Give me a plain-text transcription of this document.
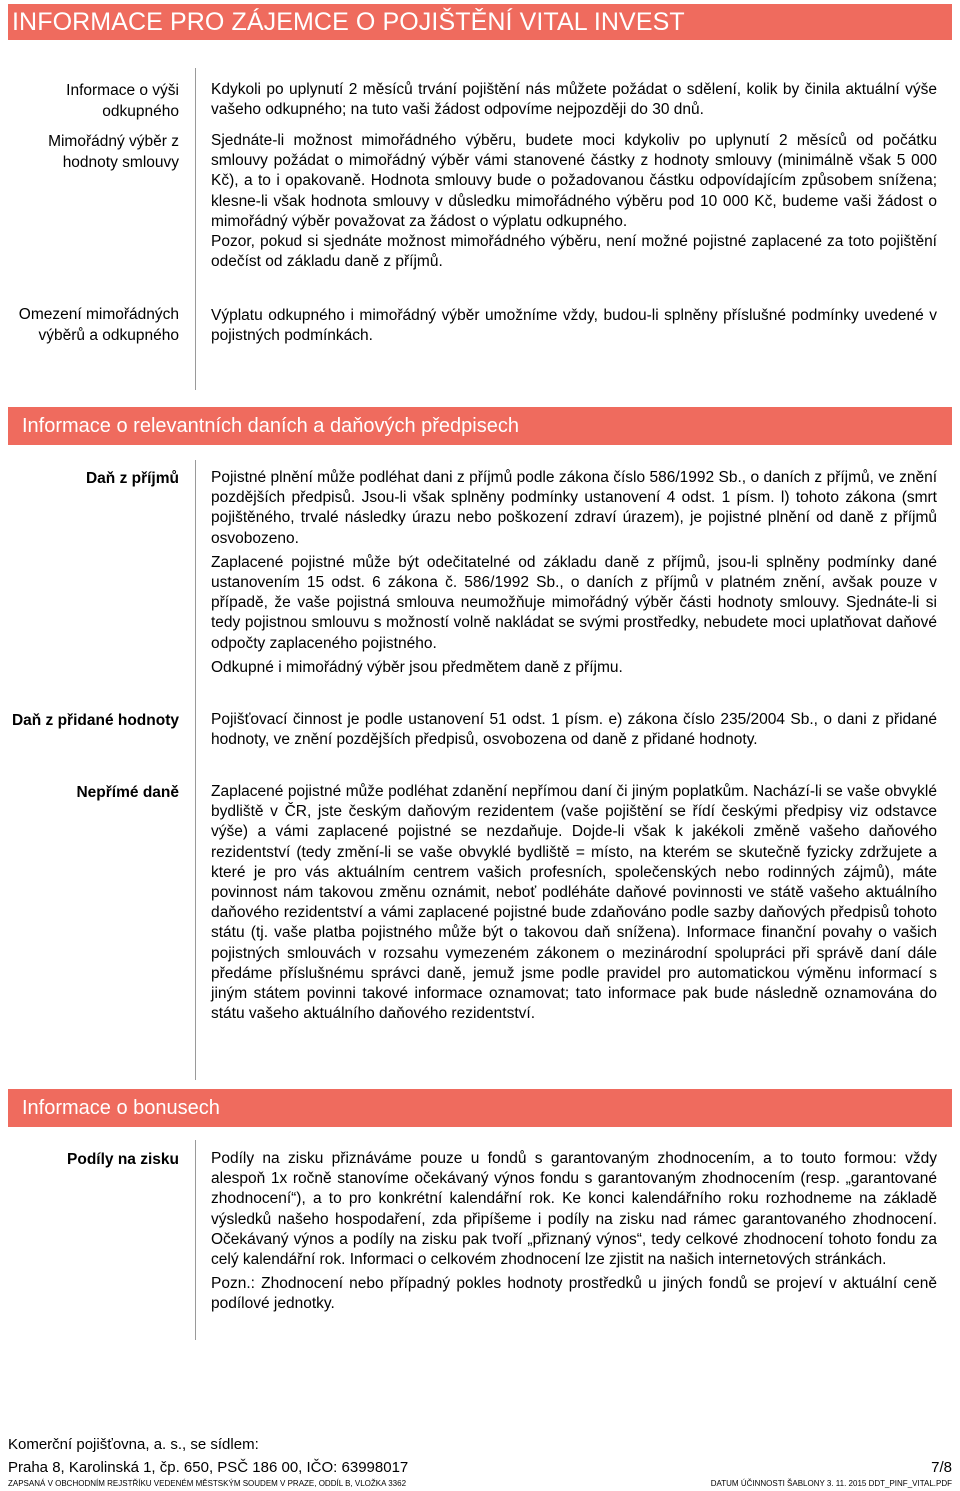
INFORMACE PRO ZÁJEMCE O POJIŠTĚNÍ VITAL INVEST
Informace o výši odkupného

Kdykoli po uplynutí 2 měsíců trvání pojištění nás můžete požádat o sdělení, kolik by činila aktuální výše vašeho odkupného; na tuto vaši žádost odpovíme nejpozději do 30 dnů.

Mimořádný výběr z hodnoty smlouvy

Sjednáte-li možnost mimořádného výběru, budete moci kdykoliv po uplynutí 2 měsíců od počátku smlouvy požádat o mimořádný výběr vámi stanovené částky z hodnoty smlouvy (minimálně však 5 000 Kč), a to i opakovaně. Hodnota smlouvy bude o požadovanou částku odpovídajícím způsobem snížena; klesne-li však hodnota smlouvy v důsledku mimořádného výběru pod 10 000 Kč, budeme vaši žádost o mimořádný výběr považovat za žádost o výplatu odkupného.

Pozor, pokud si sjednáte možnost mimořádného výběru, není možné pojistné zaplacené za toto pojištění odečíst od základu daně z příjmů.

Omezení mimořádných výběrů a odkupného

Výplatu odkupného i mimořádný výběr umožníme vždy, budou-li splněny příslušné podmínky uvedené v pojistných podmínkách.

Informace o relevantních daních a daňových předpisech
Daň z příjmů Pojistné plnění může podléhat dani z příjmů podle zákona číslo 586/1992 Sb., o daních z příjmů, ve znění pozdějších předpisů. Jsou-li však splněny podmínky ustanovení 4 odst. 1 písm. l) tohoto zákona (smrt pojištěného, trvalé následky úrazu nebo poškození zdraví úrazem), je pojistné plnění od daně z příjmů osvobozeno.

Zaplacené pojistné může být odečitatelné od základu daně z příjmů, jsou-li splněny podmínky dané ustanovením 15 odst. 6 zákona č. 586/1992 Sb., o daních z příjmů v platném znění, avšak pouze v případě, že vaše pojistná smlouva neumožňuje mimořádný výběr části hodnoty smlouvy. Sjednáte-li si tedy pojistnou smlouvu s možností volně nakládat se svými prostředky, nebudete moci uplatňovat daňové odpočty zaplaceného pojistného.

Odkupné i mimořádný výběr jsou předmětem daně z příjmu.

Daň z přidané hodnoty Pojišťovací činnost je podle ustanovení 51 odst. 1 písm. e) zákona číslo 235/2004 Sb., o dani z přidané hodnoty, ve znění pozdějších předpisů, osvobozena od daně z přidané hodnoty.

Nepřímé daně Zaplacené pojistné může podléhat zdanění nepřímou daní či jiným poplatkům. Nachází-li se vaše obvyklé bydliště v ČR, jste českým daňovým rezidentem (vaše pojištění se řídí českými předpisy viz odstavce výše) a vámi zaplacené pojistné se nezdaňuje. Dojde-li však k jakékoli změně vašeho daňového rezidentství (tedy změní-li se vaše obvyklé bydliště = místo, na kterém se skutečně fyzicky zdržujete a které je pro vás aktuálním centrem vašich profesních, společenských nebo rodinných zájmů), máte povinnost nám takovou změnu oznámit, neboť podléháte daňové povinnosti ve státě vašeho aktuálního daňového rezidentství a vámi zaplacené pojistné bude zdaňováno podle sazby daňových předpisů tohoto státu (tj. vaše platba pojistného může být o takovou daň snížena). Informace finanční povahy o vašich pojistných smlouvách v rozsahu vymezeném zákonem o mezinárodní spolupráci při správě daní dále předáme příslušnému správci daně, jemuž jsme podle pravidel pro automatickou výměnu informací s jiným státem povinni takové informace oznamovat; tato informace pak bude následně oznamována do státu vašeho aktuálního daňového rezidentství.

Informace o bonusech
Podíly na zisku Podíly na zisku přiznáváme pouze u fondů s garantovaným zhodnocením, a to touto formou: vždy alespoň 1x ročně stanovíme očekávaný výnos fondu s garantovaným zhodnocením (resp. „garantované zhodnocení“), a to pro konkrétní kalendářní rok. Ke konci kalendářního roku rozhodneme na základě výsledků našeho hospodaření, zda připíšeme i podíly na zisku nad rámec garantovaného zhodnocení. Očekávaný výnos a podíly na zisku pak tvoří „přiznaný výnos“, tedy celkové zhodnocení tohoto fondu za celý kalendářní rok. Informaci o celkovém zhodnocení lze zjistit na našich internetových stránkách.

Pozn.: Zhodnocení nebo případný pokles hodnoty prostředků u jiných fondů se projeví v aktuální ceně podílové jednotky.

Komerční pojišťovna, a. s., se sídlem:
Praha 8, Karolinská 1, čp. 650, PSČ 186 00, IČO: 63998017	7/8
ZAPSANÁ V OBCHODNÍM REJSTŘÍKU VEDENÉM MĚSTSKÝM SOUDEM V PRAZE, ODDÍL B, VLOŽKA 3362	DATUM ÚČINNOSTI ŠABLONY 3. 11. 2015 DDT_PINF_VITAL.PDF
